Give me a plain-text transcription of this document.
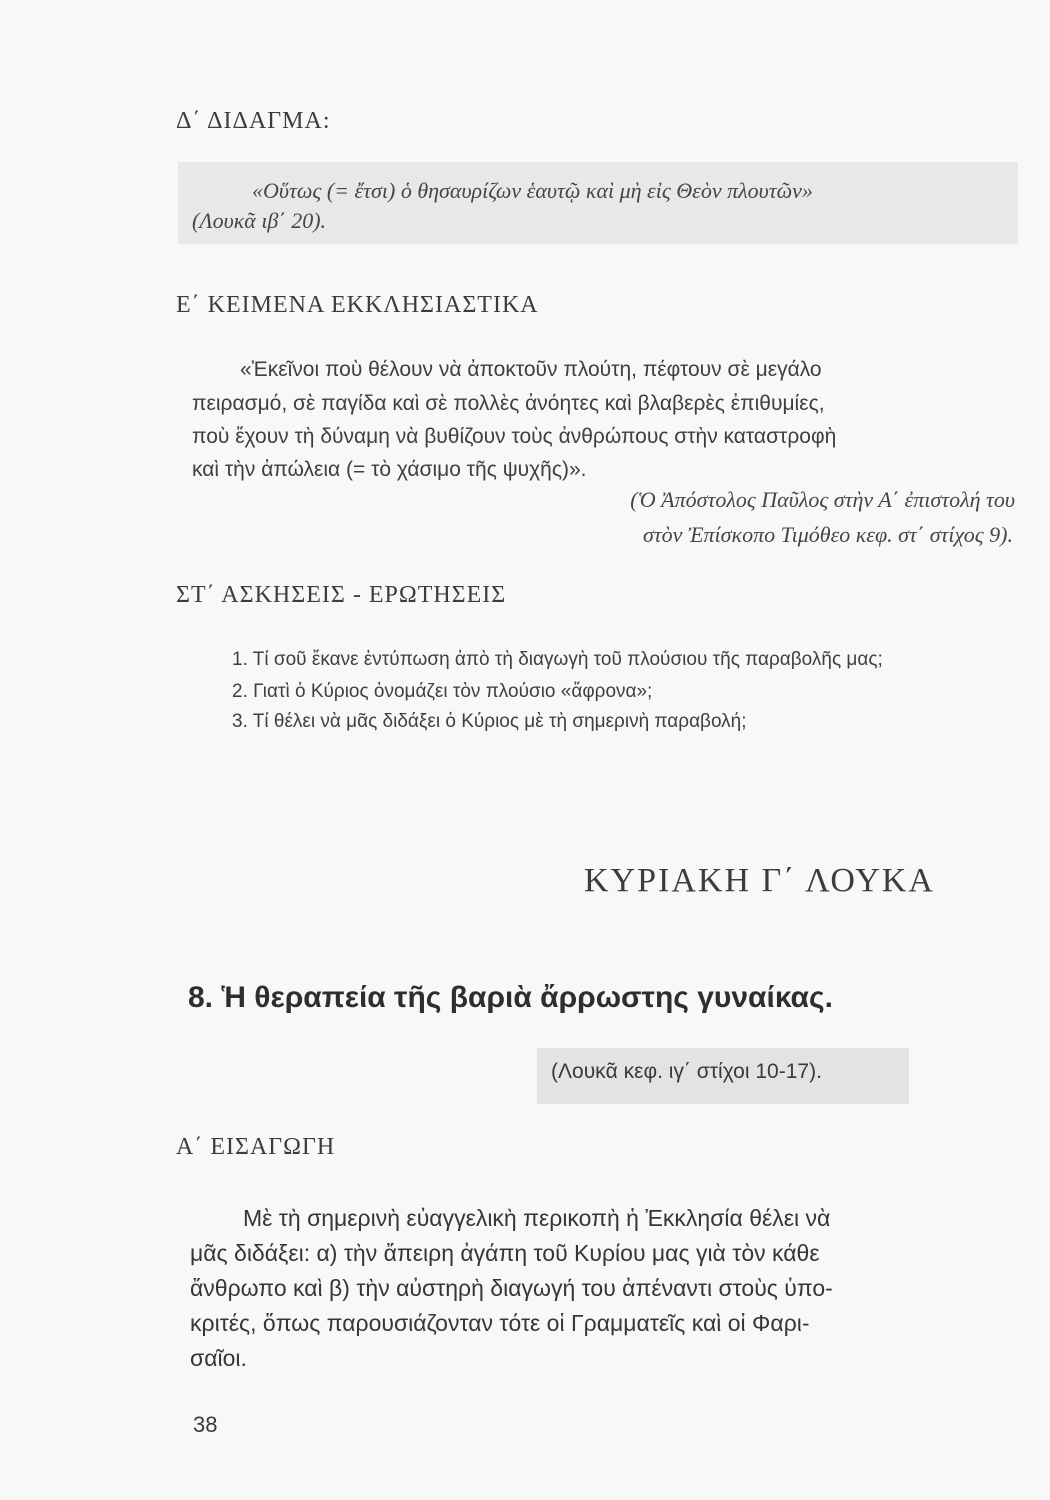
Δ΄ ΔΙΔΑΓΜΑ:
«Οὕτως (= ἔτσι) ὁ θησαυρίζων ἑαυτῷ καὶ μὴ εἰς Θεὸν πλουτῶν»
(Λουκᾶ ιβ΄ 20).
Ε΄ ΚΕΙΜΕΝΑ ΕΚΚΛΗΣΙΑΣΤΙΚΑ
«Ἐκεῖνοι ποὺ θέλουν νὰ ἀποκτοῦν πλούτη, πέφτουν σὲ μεγάλο
πειρασμό, σὲ παγίδα καὶ σὲ πολλὲς ἀνόητες καὶ βλαβερὲς ἐπιθυμίες,
ποὺ ἔχουν τὴ δύναμη νὰ βυθίζουν τοὺς ἀνθρώπους στὴν καταστροφὴ
καὶ τὴν ἀπώλεια (= τὸ χάσιμο τῆς ψυχῆς)».
(Ὁ Ἀπόστολος Παῦλος στὴν Α΄ ἐπιστολή του
στὸν Ἐπίσκοπο Τιμόθεο κεφ. στ΄ στίχος 9).
ΣΤ΄ ΑΣΚΗΣΕΙΣ - ΕΡΩΤΗΣΕΙΣ
1. Τί σοῦ ἔκανε ἐντύπωση ἀπὸ τὴ διαγωγὴ τοῦ πλούσιου τῆς παραβολῆς μας;
2. Γιατὶ ὁ Κύριος ὀνομάζει τὸν πλούσιο «ἄφρονα»;
3. Τί θέλει νὰ μᾶς διδάξει ὁ Κύριος μὲ τὴ σημερινὴ παραβολή;
ΚΥΡΙΑΚΗ Γ΄ ΛΟΥΚΑ
8. Ἡ θεραπεία τῆς βαριὰ ἄρρωστης γυναίκας.
(Λουκᾶ κεφ. ιγ΄ στίχοι 10-17).
Α΄ ΕΙΣΑΓΩΓΗ
Μὲ τὴ σημερινὴ εὐαγγελικὴ περικοπὴ ἡ Ἐκκλησία θέλει νὰ
μᾶς διδάξει: α) τὴν ἄπειρη ἀγάπη τοῦ Κυρίου μας γιὰ τὸν κάθε
ἄνθρωπο καὶ β) τὴν αὐστηρὴ διαγωγή του ἀπέναντι στοὺς ὑπο-
κριτές, ὅπως παρουσιάζονταν τότε οἱ Γραμματεῖς καὶ οἱ Φαρι-
σαῖοι.
38
